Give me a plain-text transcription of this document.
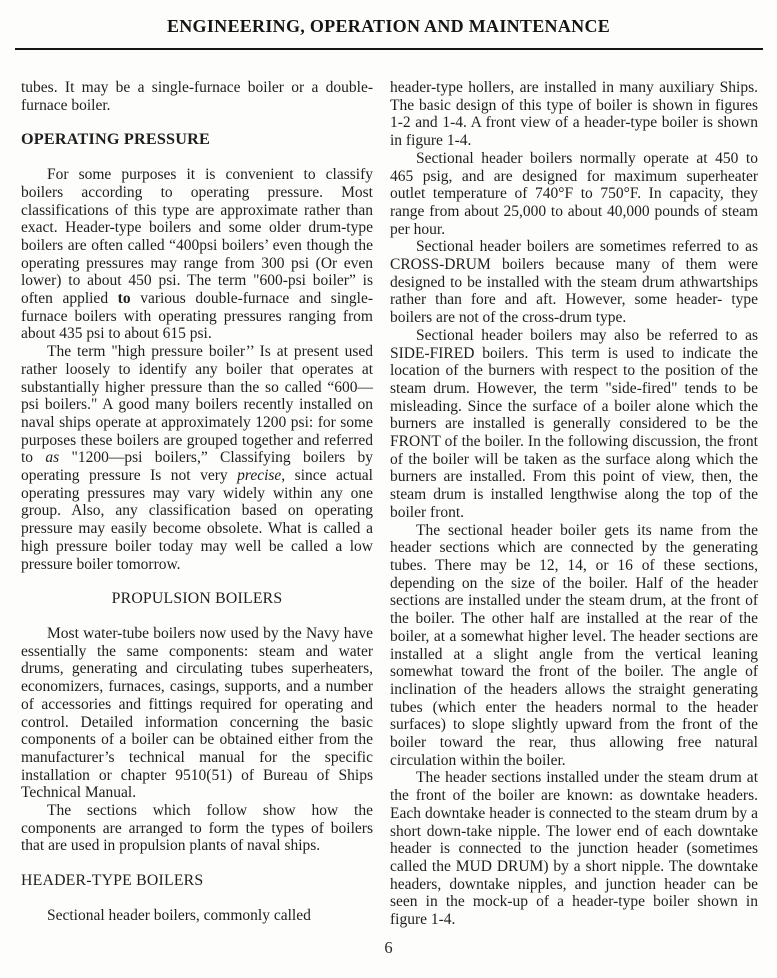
ENGINEERING, OPERATION AND MAINTENANCE

tubes. It may be a single-furnace boiler or a double-furnace boiler.

OPERATING PRESSURE

For some purposes it is convenient to classify boilers according to operating pressure. Most classifications of this type are approximate rather than exact. Header-type boilers and some older drum-type boilers are often called “400psi boilers’ even though the operating pressures may range from 300 psi (Or even lower) to about 450 psi. The term "600-psi boiler” is often applied to various double-furnace and single-furnace boilers with operating pressures ranging from about 435 psi to about 615 psi.

The term "high pressure boiler’’ Is at present used rather loosely to identify any boiler that operates at substantially higher pressure than the so called “600—psi boilers." A good many boilers recently installed on naval ships operate at approximately 1200 psi: for some purposes these boilers are grouped together and referred to as "1200—psi boilers,” Classifying boilers by operating pressure Is not very precise, since actual operating pressures may vary widely within any one group. Also, any classification based on operating pressure may easily become obsolete. What is called a high pressure boiler today may well be called a low pressure boiler tomorrow.

PROPULSION BOILERS

Most water-tube boilers now used by the Navy have essentially the same components: steam and water drums, generating and circulating tubes superheaters, economizers, furnaces, casings, supports, and a number of accessories and fittings required for operating and control. Detailed information concerning the basic components of a boiler can be obtained either from the manufacturer’s technical manual for the specific installation or chapter 9510(51) of Bureau of Ships Technical Manual.

The sections which follow show how the components are arranged to form the types of boilers that are used in propulsion plants of naval ships.

HEADER-TYPE BOILERS

Sectional header boilers, commonly called

header-type hollers, are installed in many auxiliary Ships. The basic design of this type of boiler is shown in figures 1-2 and 1-4. A front view of a header-type boiler is shown in figure 1-4.

Sectional header boilers normally operate at 450 to 465 psig, and are designed for maximum superheater outlet temperature of 740°F to 750°F. In capacity, they range from about 25,000 to about 40,000 pounds of steam per hour.

Sectional header boilers are sometimes referred to as CROSS-DRUM boilers because many of them were designed to be installed with the steam drum athwartships rather than fore and aft. However, some header- type boilers are not of the cross-drum type.

Sectional header boilers may also be referred to as SIDE-FIRED boilers. This term is used to indicate the location of the burners with respect to the position of the steam drum. However, the term "side-fired" tends to be misleading. Since the surface of a boiler alone which the burners are installed is generally considered to be the FRONT of the boiler. In the following discussion, the front of the boiler will be taken as the surface along which the burners are installed. From this point of view, then, the steam drum is installed lengthwise along the top of the boiler front.

The sectional header boiler gets its name from the header sections which are connected by the generating tubes. There may be 12, 14, or 16 of these sections, depending on the size of the boiler. Half of the header sections are installed under the steam drum, at the front of the boiler. The other half are installed at the rear of the boiler, at a somewhat higher level. The header sections are installed at a slight angle from the vertical leaning somewhat toward the front of the boiler. The angle of inclination of the headers allows the straight generating tubes (which enter the headers normal to the header surfaces) to slope slightly upward from the front of the boiler toward the rear, thus allowing free natural circulation within the boiler.

The header sections installed under the steam drum at the front of the boiler are known: as downtake headers. Each downtake header is connected to the steam drum by a short down-take nipple. The lower end of each downtake header is connected to the junction header (sometimes called the MUD DRUM) by a short nipple. The downtake headers, downtake nipples, and junction header can be seen in the mock-up of a header-type boiler shown in figure 1-4.

6
